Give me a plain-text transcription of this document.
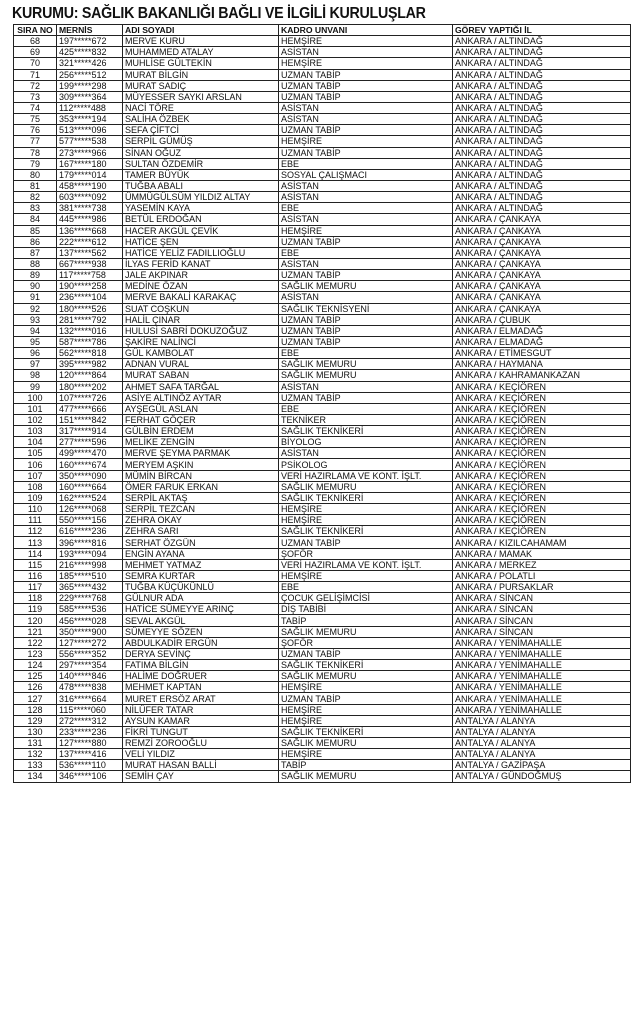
KURUMU: SAĞLIK BAKANLIĞI BAĞLI VE İLGİLİ KURULUŞLAR
SIRA NO	MERNİS	ADI SOYADI	KADRO UNVANI	GÖREV YAPTIĞI İL
68	197*****672	MERVE KURU	HEMŞİRE	ANKARA / ALTINDAĞ
69	425*****832	MUHAMMED ATALAY	ASİSTAN	ANKARA / ALTINDAĞ
70	321*****426	MUHLİSE GÜLTEKİN	HEMŞİRE	ANKARA / ALTINDAĞ
71	256*****512	MURAT BİLGİN	UZMAN TABİP	ANKARA / ALTINDAĞ
72	199*****298	MURAT SADIÇ	UZMAN TABİP	ANKARA / ALTINDAĞ
73	309*****364	MÜYESSER SAYKI ARSLAN	UZMAN TABİP	ANKARA / ALTINDAĞ
74	112*****488	NACİ TÖRE	ASİSTAN	ANKARA / ALTINDAĞ
75	353*****194	SALİHA ÖZBEK	ASİSTAN	ANKARA / ALTINDAĞ
76	513*****096	SEFA ÇİFTCİ	UZMAN TABİP	ANKARA / ALTINDAĞ
77	577*****538	SERPİL GÜMÜŞ	HEMŞİRE	ANKARA / ALTINDAĞ
78	273*****966	SİNAN OĞUZ	UZMAN TABİP	ANKARA / ALTINDAĞ
79	167*****180	SULTAN ÖZDEMİR	EBE	ANKARA / ALTINDAĞ
80	179*****014	TAMER BÜYÜK	SOSYAL ÇALIŞMACI	ANKARA / ALTINDAĞ
81	458*****190	TUĞBA ABALI	ASİSTAN	ANKARA / ALTINDAĞ
82	603*****092	ÜMMÜGÜLSÜM YILDIZ ALTAY	ASİSTAN	ANKARA / ALTINDAĞ
83	381*****738	YASEMİN KAYA	EBE	ANKARA / ALTINDAĞ
84	445*****986	BETÜL ERDOĞAN	ASİSTAN	ANKARA / ÇANKAYA
85	136*****668	HACER AKGÜL ÇEVİK	HEMŞİRE	ANKARA / ÇANKAYA
86	222*****612	HATİCE ŞEN	UZMAN TABİP	ANKARA / ÇANKAYA
87	137*****562	HATİCE YELİZ FADILLIOĞLU	EBE	ANKARA / ÇANKAYA
88	667*****938	İLYAS FERİD KANAT	ASİSTAN	ANKARA / ÇANKAYA
89	117*****758	JALE AKPINAR	UZMAN TABİP	ANKARA / ÇANKAYA
90	190*****258	MEDİNE ÖZAN	SAĞLIK MEMURU	ANKARA / ÇANKAYA
91	236*****104	MERVE BAKALİ KARAKAÇ	ASİSTAN	ANKARA / ÇANKAYA
92	180*****526	SUAT COŞKUN	SAĞLIK TEKNİSYENİ	ANKARA / ÇANKAYA
93	281*****792	HALİL ÇINAR	UZMAN TABİP	ANKARA / ÇUBUK
94	132*****016	HULUSİ SABRİ DOKUZOĞUZ	UZMAN TABİP	ANKARA / ELMADAĞ
95	587*****786	ŞAKİRE NALİNCİ	UZMAN TABİP	ANKARA / ELMADAĞ
96	562*****818	GÜL KAMBOLAT	EBE	ANKARA / ETİMESGUT
97	395*****982	ADNAN VURAL	SAĞLIK MEMURU	ANKARA / HAYMANA
98	120*****864	MURAT SABAN	SAĞLIK MEMURU	ANKARA / KAHRAMANKAZAN
99	180*****202	AHMET SAFA TARĞAL	ASİSTAN	ANKARA / KEÇİÖREN
100	107*****726	ASİYE ALTINÖZ AYTAR	UZMAN TABİP	ANKARA / KEÇİÖREN
101	477*****666	AYŞEGÜL ASLAN	EBE	ANKARA / KEÇİÖREN
102	151*****842	FERHAT GÖÇER	TEKNİKER	ANKARA / KEÇİÖREN
103	317*****914	GÜLBİN ERDEM	SAĞLIK TEKNİKERİ	ANKARA / KEÇİÖREN
104	277*****596	MELİKE ZENGİN	BİYOLOG	ANKARA / KEÇİÖREN
105	499*****470	MERVE ŞEYMA PARMAK	ASİSTAN	ANKARA / KEÇİÖREN
106	160*****674	MERYEM AŞKIN	PSİKOLOG	ANKARA / KEÇİÖREN
107	350*****090	MÜMİN BİRCAN	VERİ HAZIRLAMA VE KONT. İŞLT.	ANKARA / KEÇİÖREN
108	160*****664	ÖMER FARUK ERKAN	SAĞLIK MEMURU	ANKARA / KEÇİÖREN
109	162*****524	SERPİL AKTAŞ	SAĞLIK TEKNİKERİ	ANKARA / KEÇİÖREN
110	126*****068	SERPİL TEZCAN	HEMŞİRE	ANKARA / KEÇİÖREN
111	550*****156	ZEHRA OKAY	HEMŞİRE	ANKARA / KEÇİÖREN
112	616*****236	ZEHRA SARI	SAĞLIK TEKNİKERİ	ANKARA / KEÇİÖREN
113	396*****816	SERHAT ÖZGÜN	UZMAN TABİP	ANKARA / KIZILCAHAMAM
114	193*****094	ENGİN AYANA	ŞOFÖR	ANKARA / MAMAK
115	216*****998	MEHMET YATMAZ	VERİ HAZIRLAMA VE KONT. İŞLT.	ANKARA / MERKEZ
116	185*****510	SEMRA KURTAR	HEMŞİRE	ANKARA / POLATLI
117	365*****432	TUĞBA KÜÇÜKÜNLÜ	EBE	ANKARA / PURSAKLAR
118	229*****768	GÜLNUR ADA	ÇOCUK GELİŞİMCİSİ	ANKARA / SİNCAN
119	585*****536	HATİCE SÜMEYYE ARINÇ	DİŞ TABİBİ	ANKARA / SİNCAN
120	456*****028	SEVAL AKGÜL	TABİP	ANKARA / SİNCAN
121	350*****900	SÜMEYYE SÖZEN	SAĞLIK MEMURU	ANKARA / SİNCAN
122	127*****272	ABDULKADİR ERGÜN	ŞOFÖR	ANKARA / YENİMAHALLE
123	556*****352	DERYA SEVİNÇ	UZMAN TABİP	ANKARA / YENİMAHALLE
124	297*****354	FATIMA BİLGİN	SAĞLIK TEKNİKERİ	ANKARA / YENİMAHALLE
125	140*****846	HALİME DOĞRUER	SAĞLIK MEMURU	ANKARA / YENİMAHALLE
126	478*****838	MEHMET KAPTAN	HEMŞİRE	ANKARA / YENİMAHALLE
127	316*****664	MURET ERSÖZ ARAT	UZMAN TABİP	ANKARA / YENİMAHALLE
128	115*****060	NİLÜFER TATAR	HEMŞİRE	ANKARA / YENİMAHALLE
129	272*****312	AYSUN KAMAR	HEMŞİRE	ANTALYA / ALANYA
130	233*****236	FİKRİ TUNGUT	SAĞLIK TEKNİKERİ	ANTALYA / ALANYA
131	127*****880	REMZİ ZOROOĞLU	SAĞLIK MEMURU	ANTALYA / ALANYA
132	137*****416	VELİ YILDIZ	HEMŞİRE	ANTALYA / ALANYA
133	536*****110	MURAT HASAN BALLİ	TABİP	ANTALYA / GAZİPAŞA
134	346*****106	SEMİH ÇAY	SAĞLIK MEMURU	ANTALYA / GÜNDOĞMUŞ
